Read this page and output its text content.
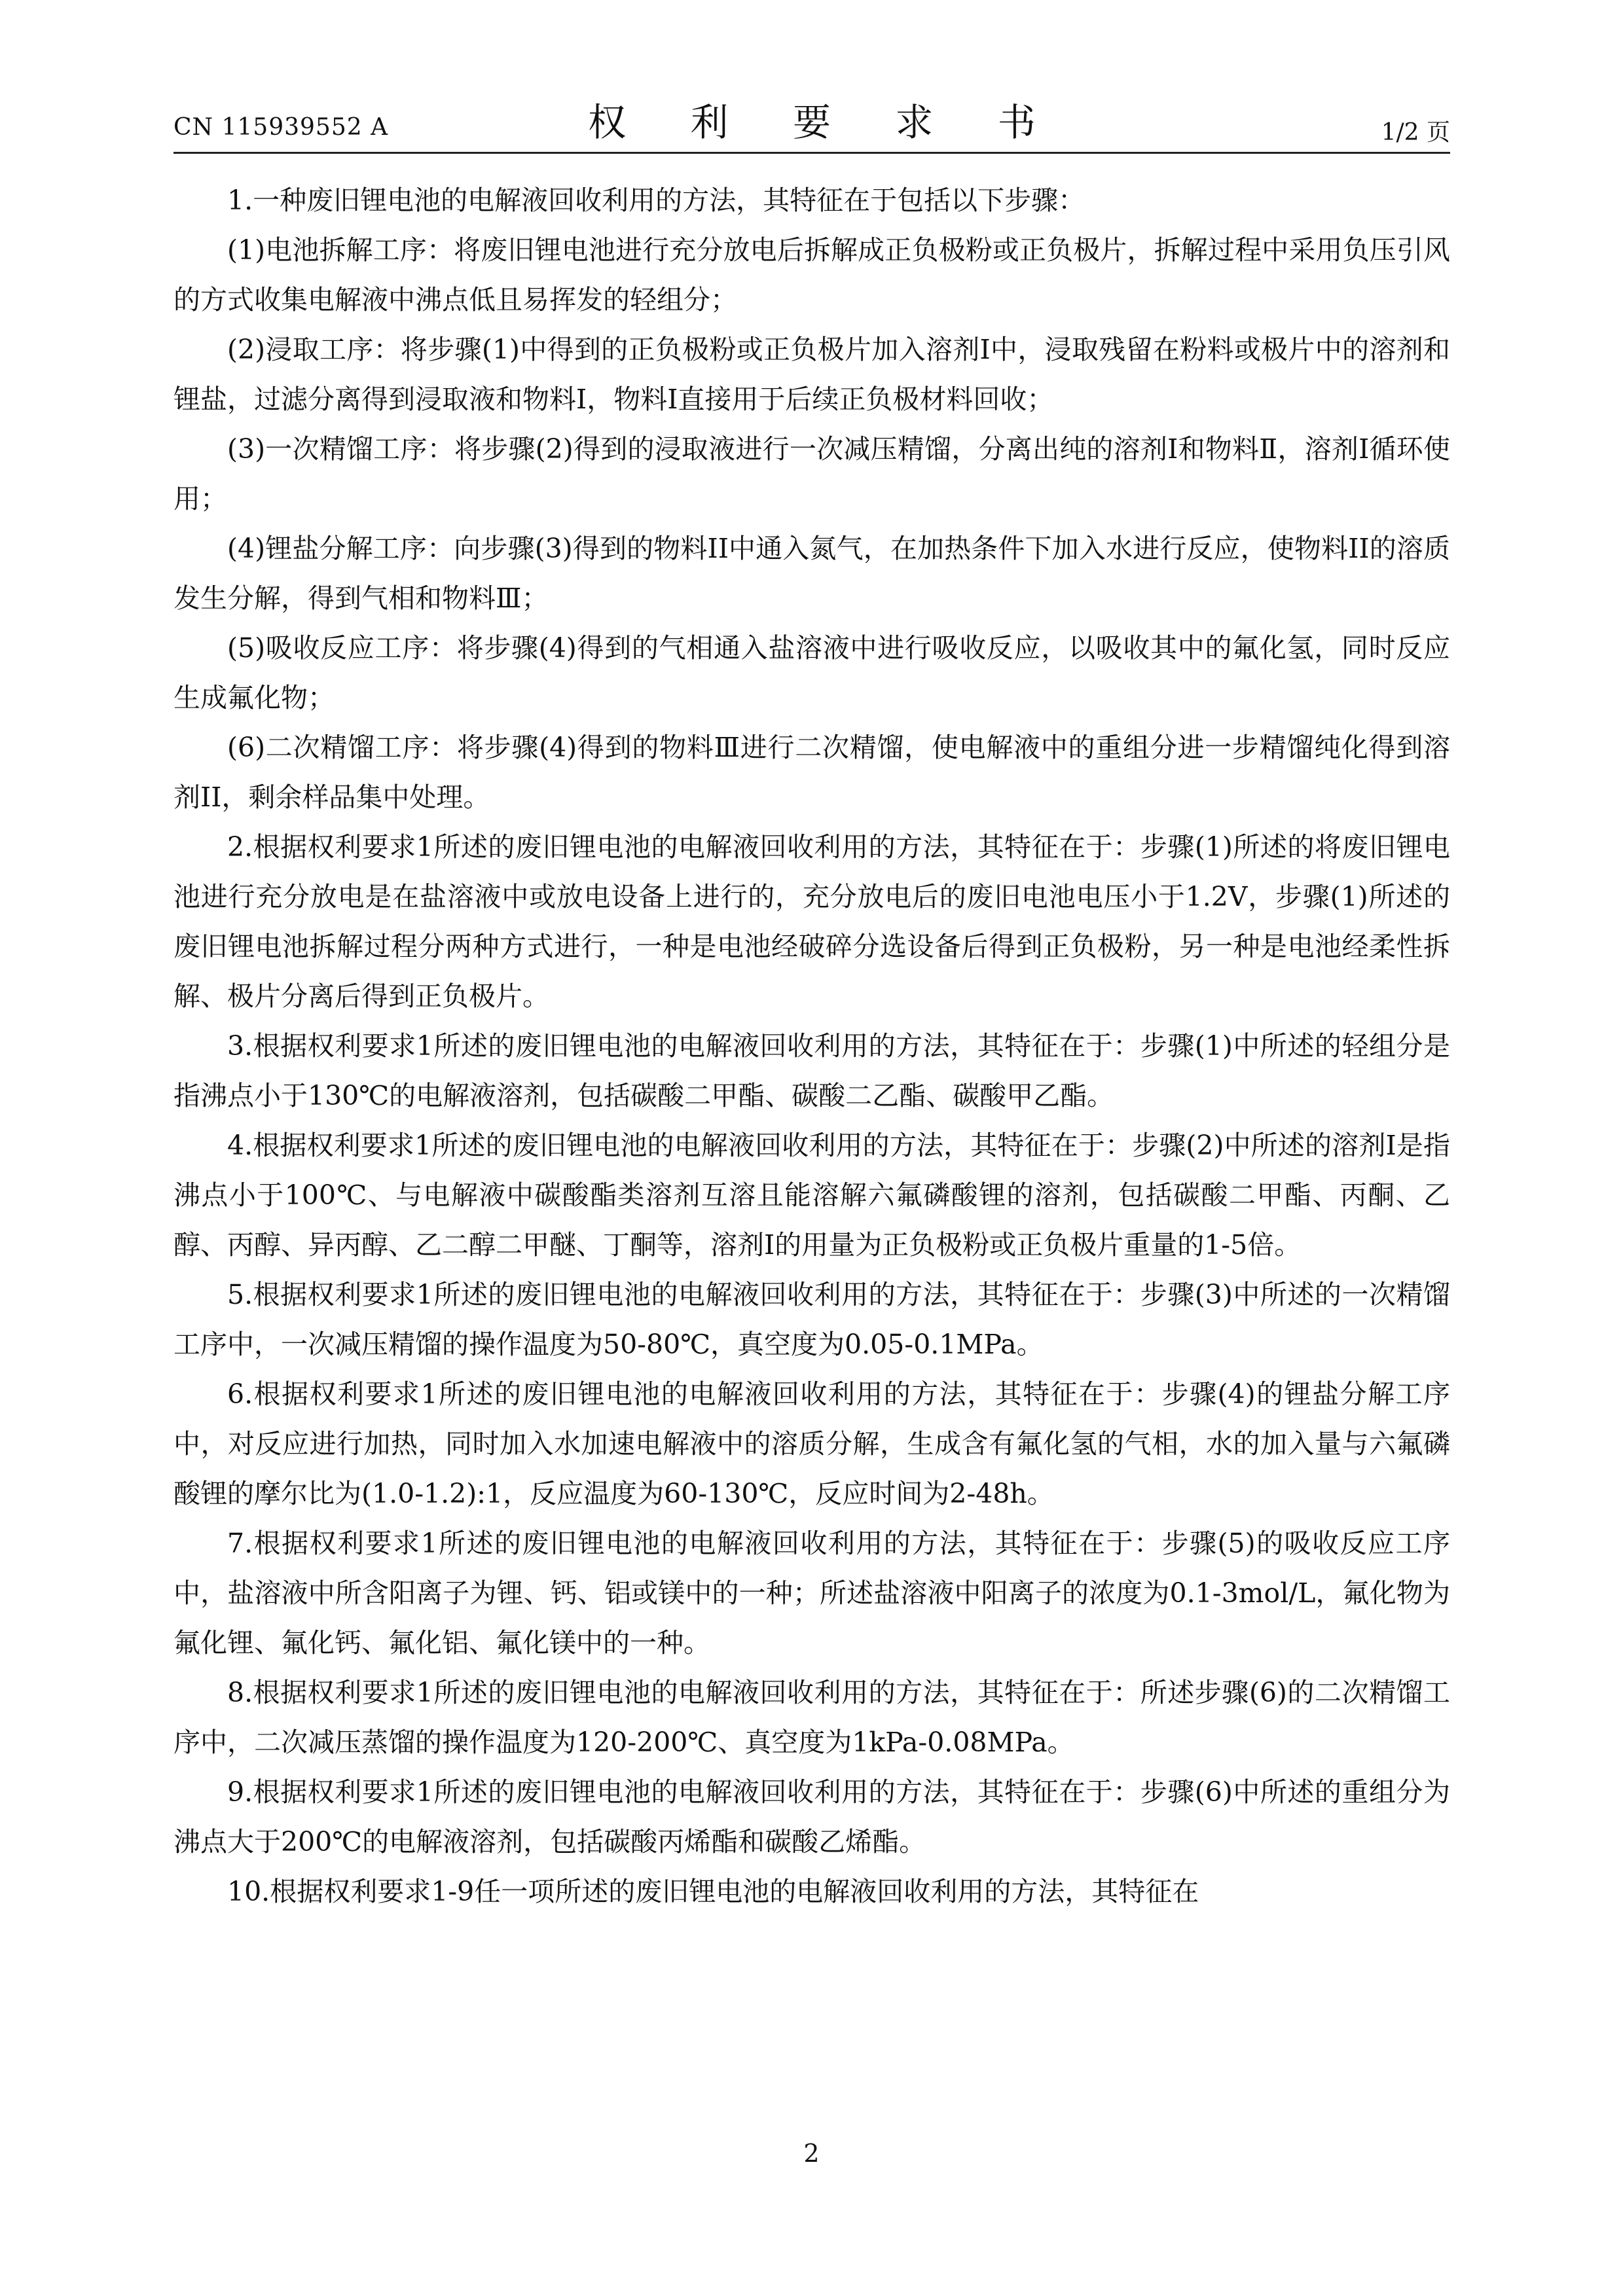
CN 115939552 A	权 利 要 求 书	1/2 页

1.一种废旧锂电池的电解液回收利用的方法，其特征在于包括以下步骤：

(1)电池拆解工序：将废旧锂电池进行充分放电后拆解成正负极粉或正负极片，拆解过程中采用负压引风的方式收集电解液中沸点低且易挥发的轻组分；

(2)浸取工序：将步骤(1)中得到的正负极粉或正负极片加入溶剂I中，浸取残留在粉料或极片中的溶剂和锂盐，过滤分离得到浸取液和物料I，物料I直接用于后续正负极材料回收；

(3)一次精馏工序：将步骤(2)得到的浸取液进行一次减压精馏，分离出纯的溶剂I和物料Ⅱ，溶剂I循环使用；

(4)锂盐分解工序：向步骤(3)得到的物料II中通入氮气，在加热条件下加入水进行反应，使物料II的溶质发生分解，得到气相和物料Ⅲ；

(5)吸收反应工序：将步骤(4)得到的气相通入盐溶液中进行吸收反应，以吸收其中的氟化氢，同时反应生成氟化物；

(6)二次精馏工序：将步骤(4)得到的物料Ⅲ进行二次精馏，使电解液中的重组分进一步精馏纯化得到溶剂II，剩余样品集中处理。

2.根据权利要求1所述的废旧锂电池的电解液回收利用的方法，其特征在于：步骤(1)所述的将废旧锂电池进行充分放电是在盐溶液中或放电设备上进行的，充分放电后的废旧电池电压小于1.2V，步骤(1)所述的废旧锂电池拆解过程分两种方式进行，一种是电池经破碎分选设备后得到正负极粉，另一种是电池经柔性拆解、极片分离后得到正负极片。

3.根据权利要求1所述的废旧锂电池的电解液回收利用的方法，其特征在于：步骤(1)中所述的轻组分是指沸点小于130℃的电解液溶剂，包括碳酸二甲酯、碳酸二乙酯、碳酸甲乙酯。

4.根据权利要求1所述的废旧锂电池的电解液回收利用的方法，其特征在于：步骤(2)中所述的溶剂I是指沸点小于100℃、与电解液中碳酸酯类溶剂互溶且能溶解六氟磷酸锂的溶剂，包括碳酸二甲酯、丙酮、乙醇、丙醇、异丙醇、乙二醇二甲醚、丁酮等，溶剂I的用量为正负极粉或正负极片重量的1-5倍。

5.根据权利要求1所述的废旧锂电池的电解液回收利用的方法，其特征在于：步骤(3)中所述的一次精馏工序中，一次减压精馏的操作温度为50-80℃，真空度为0.05-0.1MPa。

6.根据权利要求1所述的废旧锂电池的电解液回收利用的方法，其特征在于：步骤(4)的锂盐分解工序中，对反应进行加热，同时加入水加速电解液中的溶质分解，生成含有氟化氢的气相，水的加入量与六氟磷酸锂的摩尔比为(1.0-1.2):1，反应温度为60-130℃，反应时间为2-48h。

7.根据权利要求1所述的废旧锂电池的电解液回收利用的方法，其特征在于：步骤(5)的吸收反应工序中，盐溶液中所含阳离子为锂、钙、铝或镁中的一种；所述盐溶液中阳离子的浓度为0.1-3mol/L，氟化物为氟化锂、氟化钙、氟化铝、氟化镁中的一种。

8.根据权利要求1所述的废旧锂电池的电解液回收利用的方法，其特征在于：所述步骤(6)的二次精馏工序中，二次减压蒸馏的操作温度为120-200℃、真空度为1kPa-0.08MPa。

9.根据权利要求1所述的废旧锂电池的电解液回收利用的方法，其特征在于：步骤(6)中所述的重组分为沸点大于200℃的电解液溶剂，包括碳酸丙烯酯和碳酸乙烯酯。

10.根据权利要求1-9任一项所述的废旧锂电池的电解液回收利用的方法，其特征在

2
